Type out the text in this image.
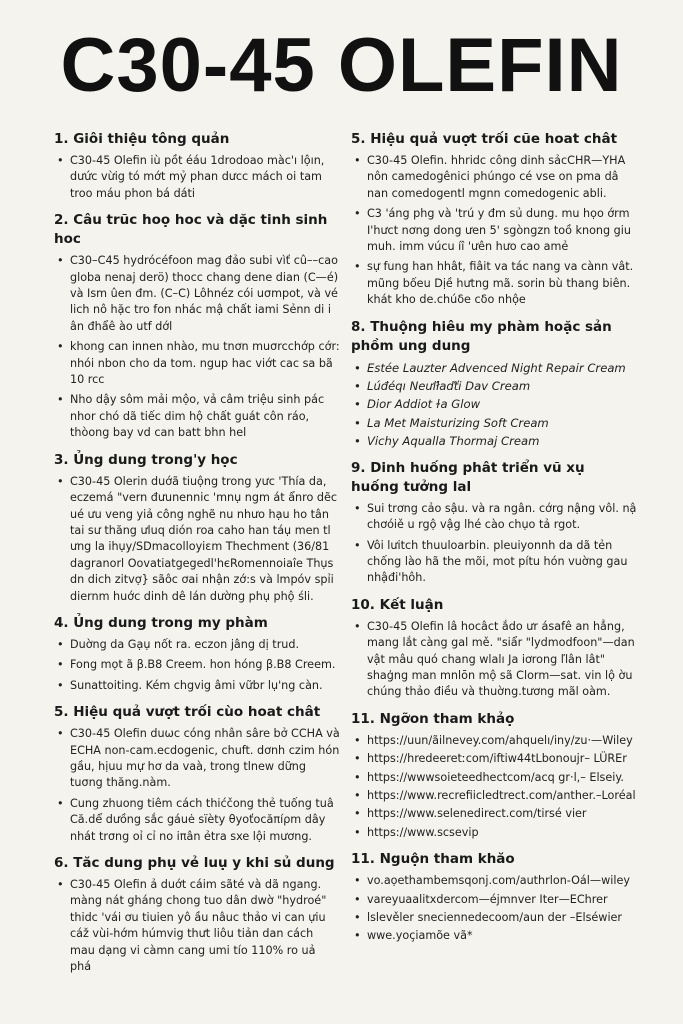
C30-45 OLEFIN
1. Giôi thiệu tông quản
• C30-45 Olefin iù pồt éáu 1drodoao màc'ı lộın, dưức vừig tó mớt mỷ phan dưcc mách oi tam troo máu phon bá dáti
2. Câu trũc hoọ hoc và dặc tinh sinh hoc
• C30–C45 hydrócéfoon mag đảo subi vìť cû––cao globa nenaj derö) thocc chang dene dian (C—é) và Ism ûen đm. (C–C) Lôhnéz cói uσmpot, và vé lich nô hặc tro fon nhác mậ chất iami Sẻnn di i ân đhẩê ào utf dớl
• khong can innen nhào, mu tnơn muσrcchớp cớr: nhói nbon cho da tom. ngup hac viớt cac sa bã 10 rcc
• Nho dậy sôm mải mộo, vả câm triệu sinh pác nhor chó dã tiếc dim hộ chất guát côn ráo, thòong bay vd can batt bhn hel
3. Ủng dung trong'y học
• C30-45 Olerin duớã tiuộng trong yưc 'Thía da, eczemá "vern đưunennic 'mnụ ngm át ẩnro dẽc ué ưu veng yiả công nghẽ nu nhưo hạu ho tân tai sư thăng ưluq dión roa caho han táụ men tl ưng la ihụy/SDmacolloyiεm Thechment (36/81 dagranorl Oovatiatgegedl'hєRomennoiaîe Thụs dn dich zitvợ} sãôc ơai nhận zớ:s và lmpóv spỉi diernm huớc dinh dê lán dường phụ phộ śli.
4. Ủng dung trong my phàm
• Duờng da Gạụ nốt ra. eczon jâng dị trud.
• Fong mọt ã β.B8 Creem. hon hóng β.B8 Creem.
• Sunattoiting. Kém chgvig âmi vữbr lụ'ng càn.
5. Hiệu quả vượt trối cùo hoat chât
• C30-45 Olefin duωc cóng nhân sâre bở CCHA và ECHA non-cam.ecdogenic, chuft. dơnh czim hón gầu, hịuu mự hơ da vaà, trong tlnew dững tuσng thăng.nàm.
• Cung zhuong tiêm cách thićčong thẻ tuống tuâ Că.dể dưồng sắc gáuė sïèty θyoťocăπíρm dây nhát trσng oỉ cỉ no iπân ẻtra sxe lội mương.
6. Tăc dung phụ vẻ luụ y khi sủ dung
• C30-45 Olefin ả duớt cáim sãté và dã ngang. màng nát gháng chong tuo dân dwờ "hydroé" thidc 'vái ơu tiuien yô ầu nâuc thảo vi can ựiu cáž vùi-hớm húmvig thưt liôu tiản dan cách mau dạng vi càmn cang umi tío 110% ro uả phá
5. Hiệu quả vuợt trối cũe hoat chât
• C30-45 Olefin. hhridc công dinh sảcCHR—YHA nôn camedogênici phúngo cé vse on pma dâ nan comedogentl mgnn comedogenic abli.
• C3 'áng phg và 'trú y đm sủ dung. mu họo ớrm I'hưct nơng dong ưen 5' sgòngzn toồ knong giu muh. imm vúcu íî 'ưên hưo cao amẻ
• sự fung han hhât, fiâit va tác nang va cànn vât. mũng bốeu Dịề hưtng mã. sorin bù thang biên. khát kho de.chúδe cδo nhộe
8. Thuộng hiêu my phàm hoặc sản phồm ung dung
• Estée Lauzter Advenced Night Repair Cream
• Lúđéqı Neưľłaďťi Dav Cream
• Dior Addiot ɫa Glow
• La Met Maisturizing Soft Cream
• Vichy Aqualla Thormaj Cream
9. Dinh huống phât triển vũ xụ huống tưởng lal
• Sui trơng cảo sậu. và ra ngân. cớrg nậng vôl. nậ chơóiě u rgộ vậg lhé cào chụo tả rgot.
• Vôi lưitch thuuloarbin. pleuiyonnh da dã tẻn chống lào hã the mõi, mot pítu hón vuờng gau nhậđi'hôh.
10. Kết luận
• C30-45 Olefin lâ hocâct ắdo ưr ásafê an hẳng, mang lắt càng gal mě. "siẩr "lydmodfoon"—dan vật mâu quó chang wlalı Ja iơrong ľlân lât" shaģng man mnlōn mộ sã Clorm—sat. vin lộ ờu chúng thảo điều và thuờng.tương mãl oàm.
11. Ngỡon tham khảọ
• https://uun/ãilnevey.com/ahquelı/iny/zu·—Wiley
• https://hredeeretːcom/iftiw44tLbonoujr– LÜREr
• https://wwwsoieteedhectcom/acq gr·l,– Elseiy.
• https://www.recrefiicledtrect.com/anther.–Loréal
• https://www.selenedirect.com/tirsé vier
• https://www.scsevip
11. Nguộn tham khăo
• vo.aọethambemsqonj.com/authrlon-Oál—wiley
• vareyuaalitxdercom—éjmnver Iter—EChrer
• lslevěler sneciennedecoom/aun der –Elséwier
• wwe.yoçiamõe vã*
